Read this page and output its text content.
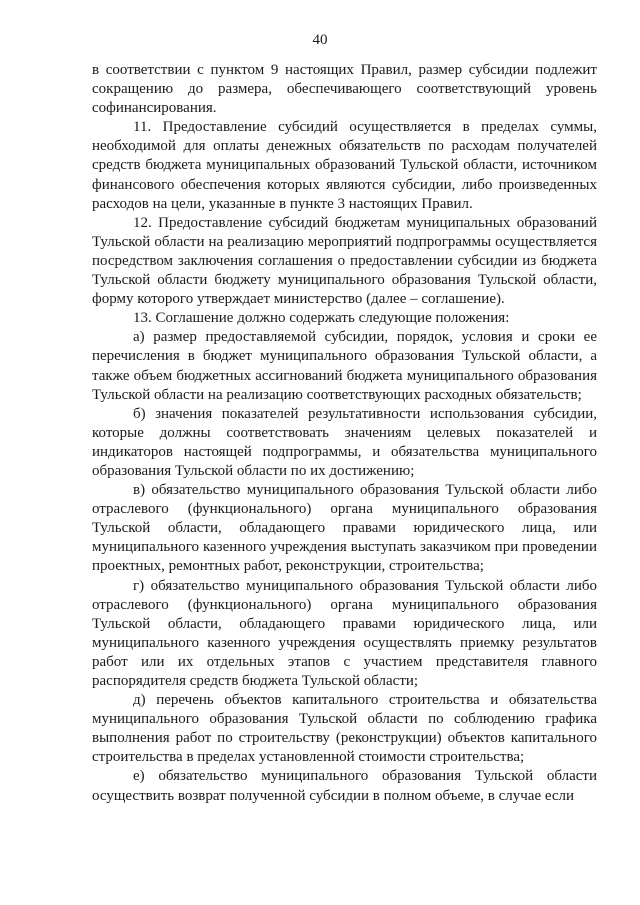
40

в соответствии с пунктом 9 настоящих Правил, размер субсидии подлежит сокращению до размера, обеспечивающего соответствующий уровень софинансирования.

11. Предоставление субсидий осуществляется в пределах суммы, необходимой для оплаты денежных обязательств по расходам получателей средств бюджета муниципальных образований Тульской области, источником финансового обеспечения которых являются субсидии, либо произведенных расходов на цели, указанные в пункте 3 настоящих Правил.

12. Предоставление субсидий бюджетам муниципальных образований Тульской области на реализацию мероприятий подпрограммы осуществляется посредством заключения соглашения о предоставлении субсидии из бюджета Тульской области бюджету муниципального образования Тульской области, форму которого утверждает министерство (далее – соглашение).

13. Соглашение должно содержать следующие положения:

а) размер предоставляемой субсидии, порядок, условия и сроки ее перечисления в бюджет муниципального образования Тульской области, а также объем бюджетных ассигнований бюджета муниципального образования Тульской области на реализацию соответствующих расходных обязательств;

б) значения показателей результативности использования субсидии, которые должны соответствовать значениям целевых показателей и индикаторов настоящей подпрограммы, и обязательства муниципального образования Тульской области по их достижению;

в) обязательство муниципального образования Тульской области либо отраслевого (функционального) органа муниципального образования Тульской области, обладающего правами юридического лица, или муниципального казенного учреждения выступать заказчиком при проведении проектных, ремонтных работ, реконструкции, строительства;

г) обязательство муниципального образования Тульской области либо отраслевого (функционального) органа муниципального образования Тульской области, обладающего правами юридического лица, или муниципального казенного учреждения осуществлять приемку результатов работ или их отдельных этапов с участием представителя главного распорядителя средств бюджета Тульской области;

д) перечень объектов капитального строительства и обязательства муниципального образования Тульской области по соблюдению графика выполнения работ по строительству (реконструкции) объектов капитального строительства в пределах установленной стоимости строительства;

е) обязательство муниципального образования Тульской области осуществить возврат полученной субсидии в полном объеме, в случае если
